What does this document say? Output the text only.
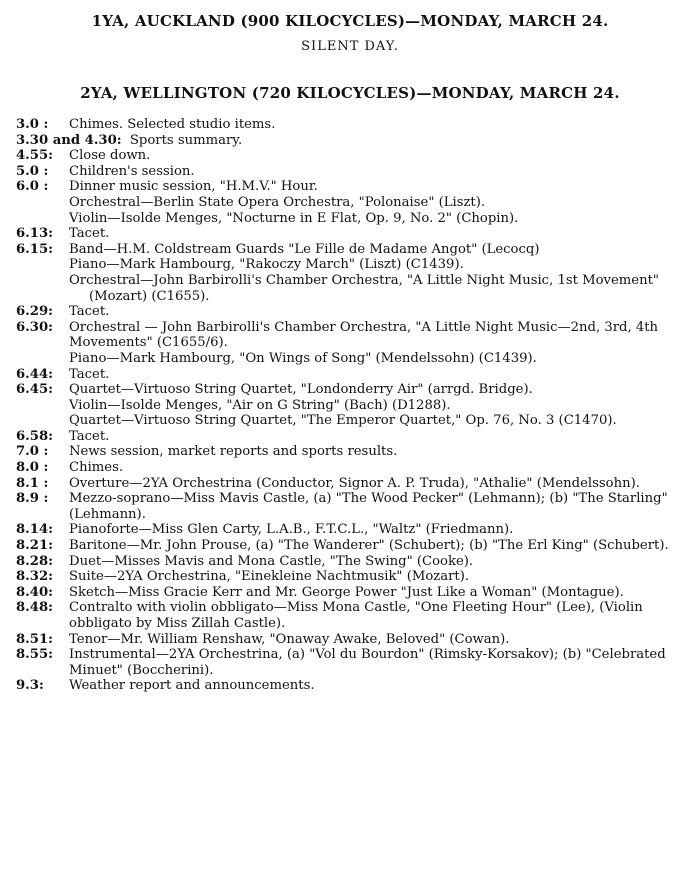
1YA, AUCKLAND (900 KILOCYCLES)—MONDAY, MARCH 24.
SILENT DAY.
2YA, WELLINGTON (720 KILOCYCLES)—MONDAY, MARCH 24.
3.0 : Chimes. Selected studio items.
3.30 and 4.30: Sports summary.
4.55: Close down.
5.0 : Children's session.
6.0 : Dinner music session, "H.M.V." Hour.
Orchestral—Berlin State Opera Orchestra, "Polonaise" (Liszt).
Violin—Isolde Menges, "Nocturne in E Flat, Op. 9, No. 2" (Chopin).
6.13: Tacet.
6.15: Band—H.M. Coldstream Guards "Le Fille de Madame Angot" (Lecocq)
Piano—Mark Hambourg, "Rakoczy March" (Liszt) (C1439).
Orchestral—John Barbirolli's Chamber Orchestra, "A Little Night Music, 1st Movement" (Mozart) (C1655).
6.29: Tacet.
6.30: Orchestral — John Barbirolli's Chamber Orchestra, "A Little Night Music—2nd, 3rd, 4th Movements" (C1655/6).
Piano—Mark Hambourg, "On Wings of Song" (Mendelssohn) (C1439).
6.44: Tacet.
6.45: Quartet—Virtuoso String Quartet, "Londonderry Air" (arrgd. Bridge).
Violin—Isolde Menges, "Air on G String" (Bach) (D1288).
Quartet—Virtuoso String Quartet, "The Emperor Quartet," Op. 76, No. 3 (C1470).
6.58: Tacet.
7.0 : News session, market reports and sports results.
8.0 : Chimes.
8.1 : Overture—2YA Orchestrina (Conductor, Signor A. P. Truda), "Athalie" (Mendelssohn).
8.9 : Mezzo-soprano—Miss Mavis Castle, (a) "The Wood Pecker" (Lehmann); (b) "The Starling" (Lehmann).
8.14: Pianoforte—Miss Glen Carty, L.A.B., F.T.C.L., "Waltz" (Friedmann).
8.21: Baritone—Mr. John Prouse, (a) "The Wanderer" (Schubert); (b) "The Erl King" (Schubert).
8.28: Duet—Misses Mavis and Mona Castle, "The Swing" (Cooke).
8.32: Suite—2YA Orchestrina, "Einekleine Nachtmusik" (Mozart).
8.40: Sketch—Miss Gracie Kerr and Mr. George Power "Just Like a Woman" (Montague).
8.48: Contralto with violin obbligato—Miss Mona Castle, "One Fleeting Hour" (Lee), (Violin obbligato by Miss Zillah Castle).
8.51: Tenor—Mr. William Renshaw, "Onaway Awake, Beloved" (Cowan).
8.55: Instrumental—2YA Orchestrina, (a) "Vol du Bourdon" (Rimsky-Korsakov); (b) "Celebrated Minuet" (Boccherini).
9.3: Weather report and announcements.
